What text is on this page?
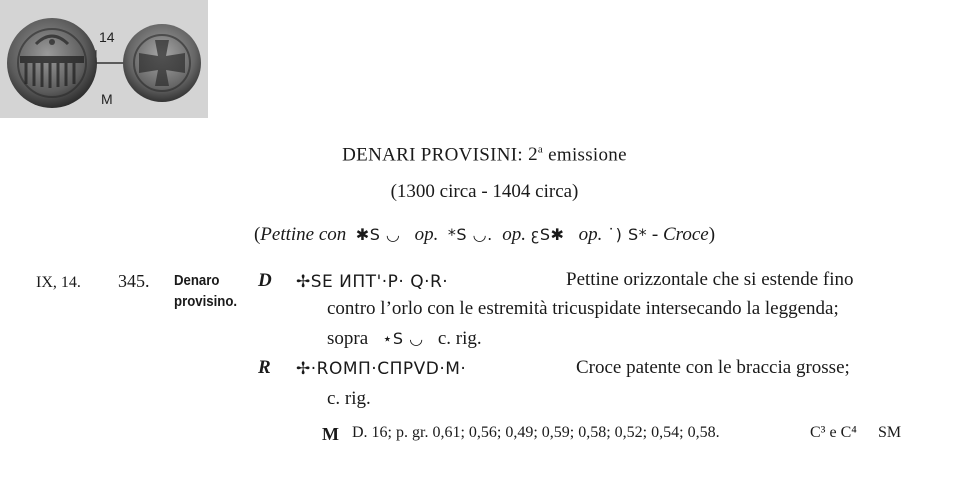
14
M
DENARI PROVISINI: 2$^a$ emissione
(1300 circa - 1404 circa)
(Pettine con ✱S ◡ op. *S ◡. op. ꜫS✱ op. ˙) S* - Croce)
IX, 14. 345. Denaro
provisino.
D ✢SE ИΠΤ'·P· Q·R·	Pettine orizzontale che si estende fino
contro l’orlo con le estremità tricuspidate intersecando la leggenda;
sopra ⋆S ◡ c. rig.
R ✢·ROMΠ·CΠPVD·M·	Croce patente con le braccia grosse;
c. rig.
M D. 16; p. gr. 0,61; 0,56; 0,49; 0,59; 0,58; 0,52; 0,54; 0,58.	C³ e C⁴ SM
